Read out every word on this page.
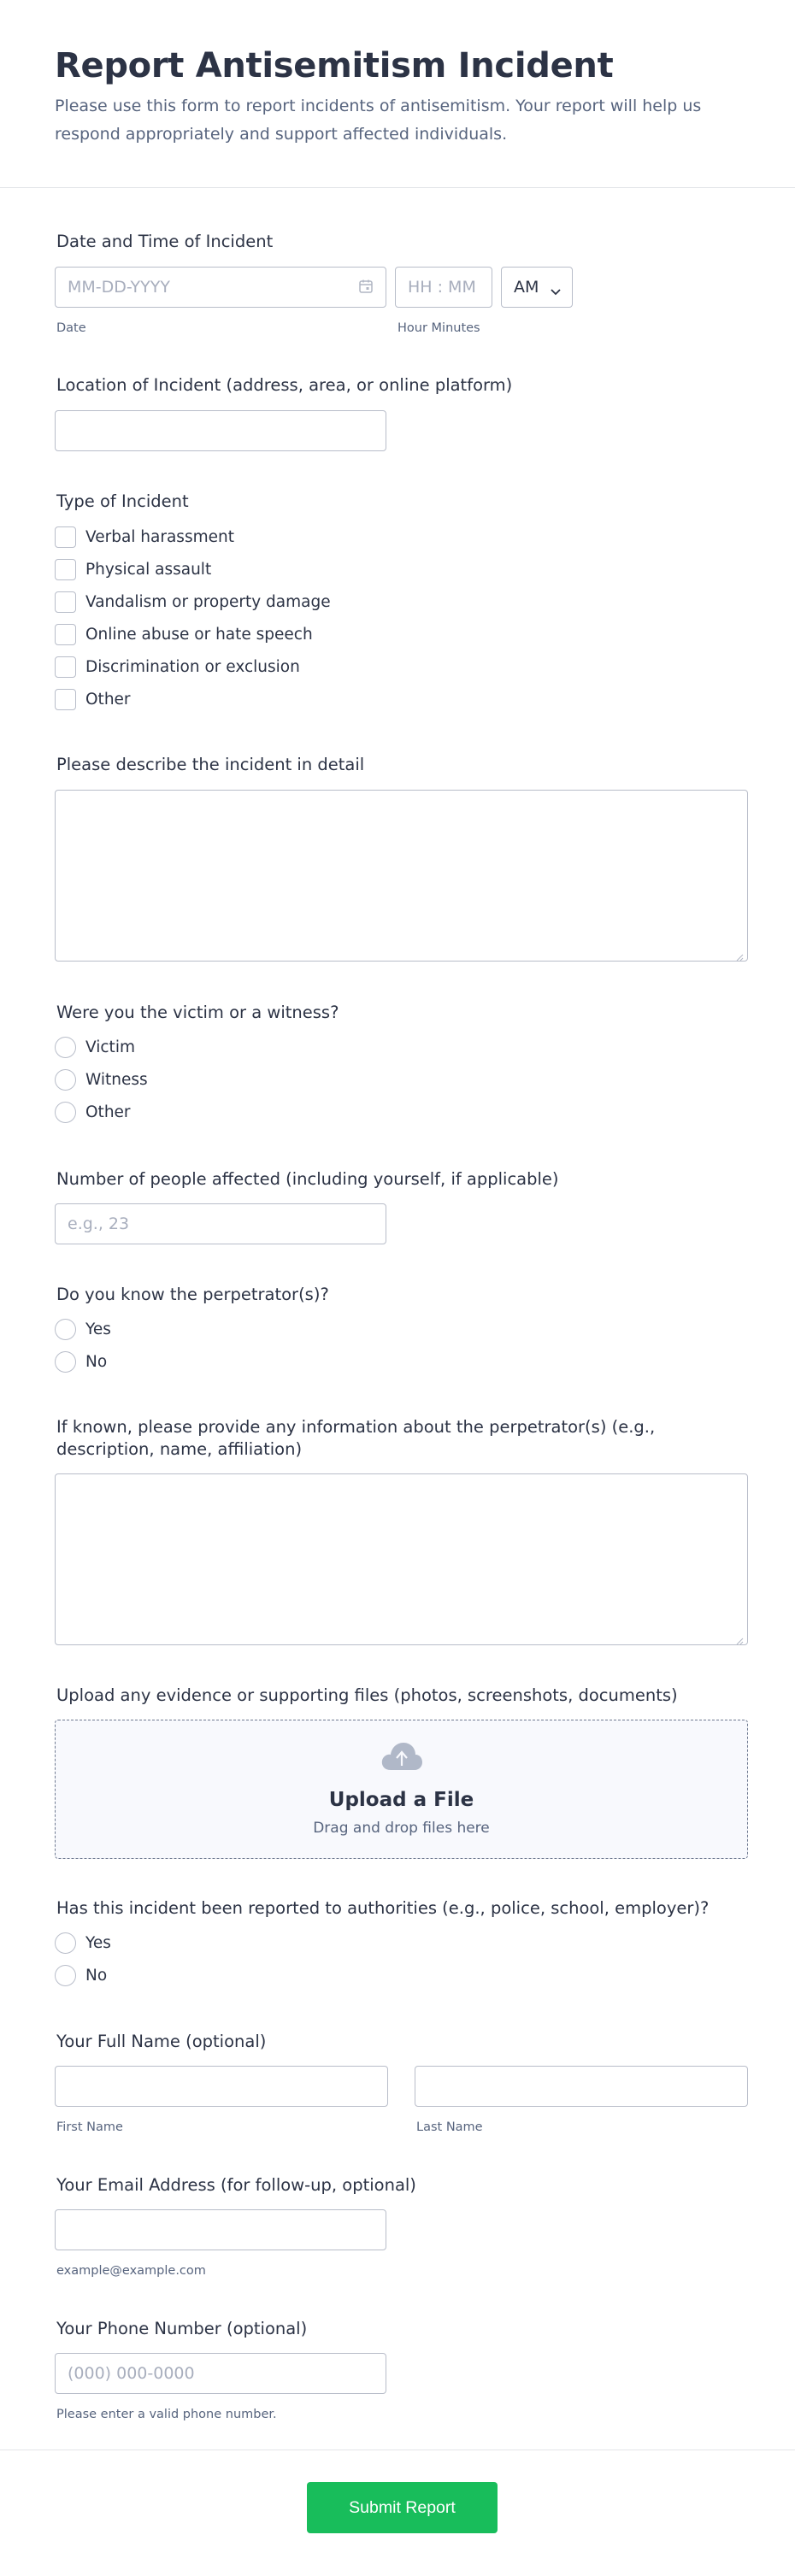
Report Antisemitism Incident

Please use this form to report incidents of antisemitism. Your report will help us respond appropriately and support affected individuals.

Date and Time of Incident
MM-DD-YYYY
Date
HH : MM
Hour Minutes
AM
Location of Incident (address, area, or online platform)
Type of Incident
Verbal harassment
Physical assault
Vandalism or property damage
Online abuse or hate speech
Discrimination or exclusion
Other
Please describe the incident in detail
Were you the victim or a witness?
Victim
Witness
Other
Number of people affected (including yourself, if applicable)
e.g., 23
Do you know the perpetrator(s)?
Yes
No
If known, please provide any information about the perpetrator(s) (e.g., description, name, affiliation)
Upload any evidence or supporting files (photos, screenshots, documents)
Upload a File
Drag and drop files here
Has this incident been reported to authorities (e.g., police, school, employer)?
Yes
No
Your Full Name (optional)
First Name	Last Name
Your Email Address (for follow-up, optional)
example@example.com
Your Phone Number (optional)
(000) 000-0000
Please enter a valid phone number.
Submit Report
